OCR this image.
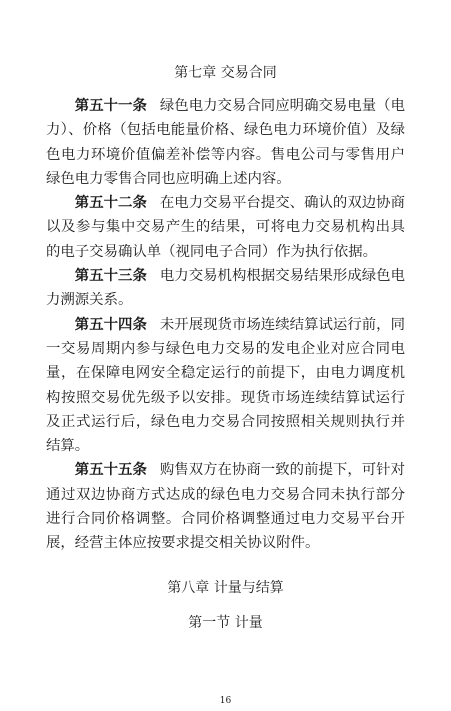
第七章 交易合同

第五十一条 绿色电力交易合同应明确交易电量（电力）、价格（包括电能量价格、绿色电力环境价值）及绿色电力环境价值偏差补偿等内容。售电公司与零售用户绿色电力零售合同也应明确上述内容。

第五十二条 在电力交易平台提交、确认的双边协商以及参与集中交易产生的结果，可将电力交易机构出具的电子交易确认单（视同电子合同）作为执行依据。

第五十三条 电力交易机构根据交易结果形成绿色电力溯源关系。

第五十四条 未开展现货市场连续结算试运行前，同一交易周期内参与绿色电力交易的发电企业对应合同电量，在保障电网安全稳定运行的前提下，由电力调度机构按照交易优先级予以安排。现货市场连续结算试运行及正式运行后，绿色电力交易合同按照相关规则执行并结算。

第五十五条 购售双方在协商一致的前提下，可针对通过双边协商方式达成的绿色电力交易合同未执行部分进行合同价格调整。合同价格调整通过电力交易平台开展，经营主体应按要求提交相关协议附件。

第八章 计量与结算
第一节 计量
16
